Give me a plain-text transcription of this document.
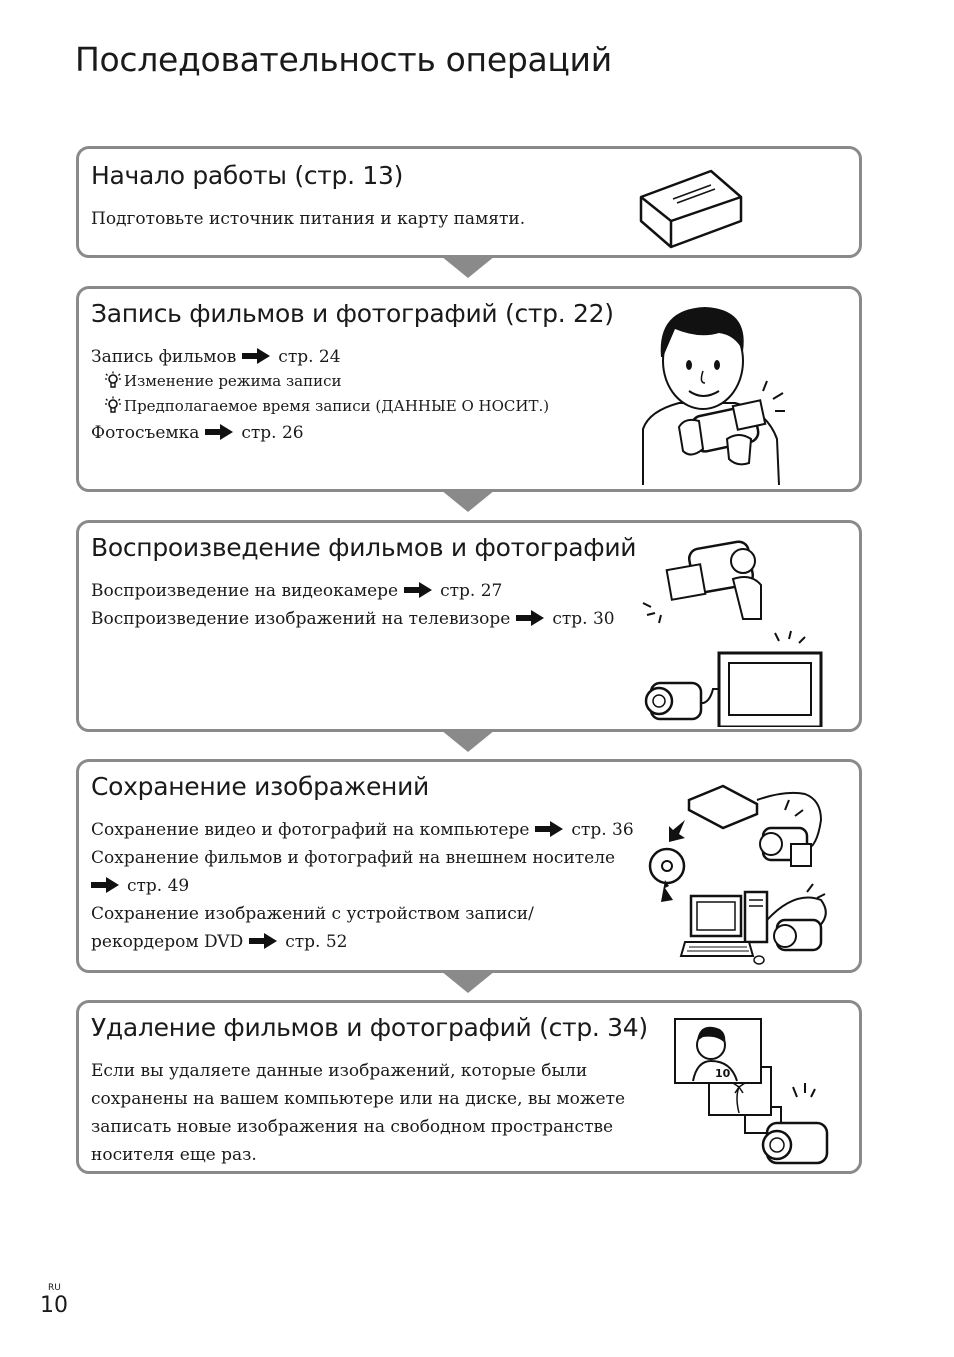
Последовательность операций
Начало работы (стр. 13)
Подготовьте источник питания и карту памяти.
Запись фильмов и фотографий (стр. 22)
Запись фильмов стр. 24
Изменение режима записи
Предполагаемое время записи (ДАННЫЕ О НОСИТ.)
Фотосъемка стр. 26
Воспроизведение фильмов и фотографий
Воспроизведение на видеокамере стр. 27
Воспроизведение изображений на телевизоре стр. 30
Сохранение изображений
Сохранение видео и фотографий на компьютере стр. 36
Сохранение фильмов и фотографий на внешнем носителе
стр. 49
Сохранение изображений с устройством записи/
рекордером DVD стр. 52
Удаление фильмов и фотографий (стр. 34)
Если вы удаляете данные изображений, которые были
сохранены на вашем компьютере или на диске, вы можете
записать новые изображения на свободном пространстве
носителя еще раз.
10
RU
10
